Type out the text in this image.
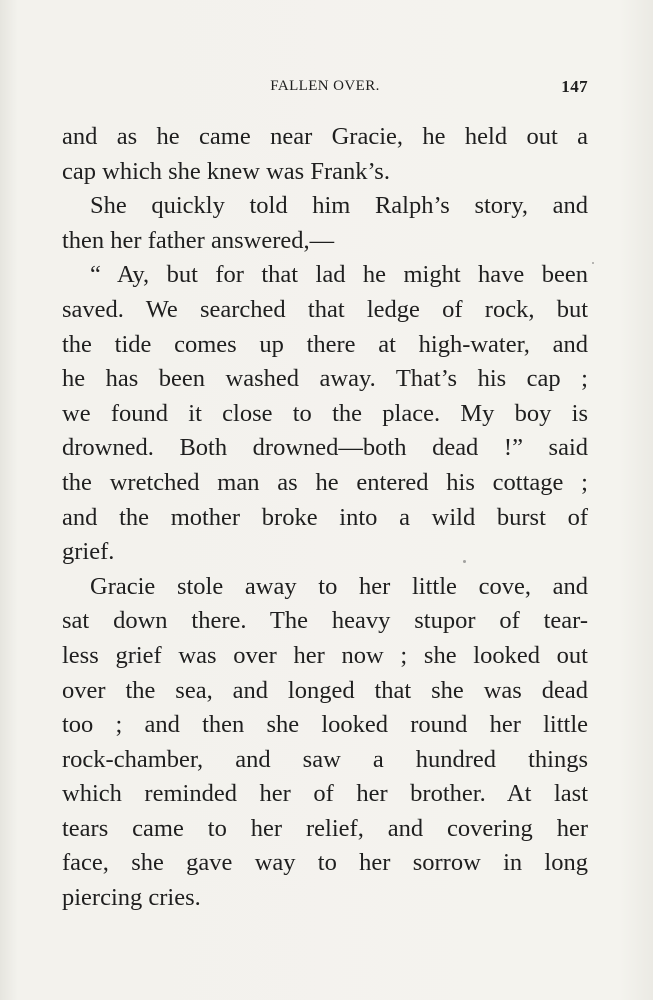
FALLEN OVER.	147
and as he came near Gracie, he held out a
cap which she knew was Frank’s.
She quickly told him Ralph’s story, and
then her father answered,—
“ Ay, but for that lad he might have been
saved. We searched that ledge of rock, but
the tide comes up there at high-water, and
he has been washed away. That’s his cap ;
we found it close to the place. My boy is
drowned. Both drowned—both dead !” said
the wretched man as he entered his cottage ;
and the mother broke into a wild burst of
grief.
Gracie stole away to her little cove, and
sat down there. The heavy stupor of tear-
less grief was over her now ; she looked out
over the sea, and longed that she was dead
too ; and then she looked round her little
rock-chamber, and saw a hundred things
which reminded her of her brother. At last
tears came to her relief, and covering her
face, she gave way to her sorrow in long
piercing cries.
